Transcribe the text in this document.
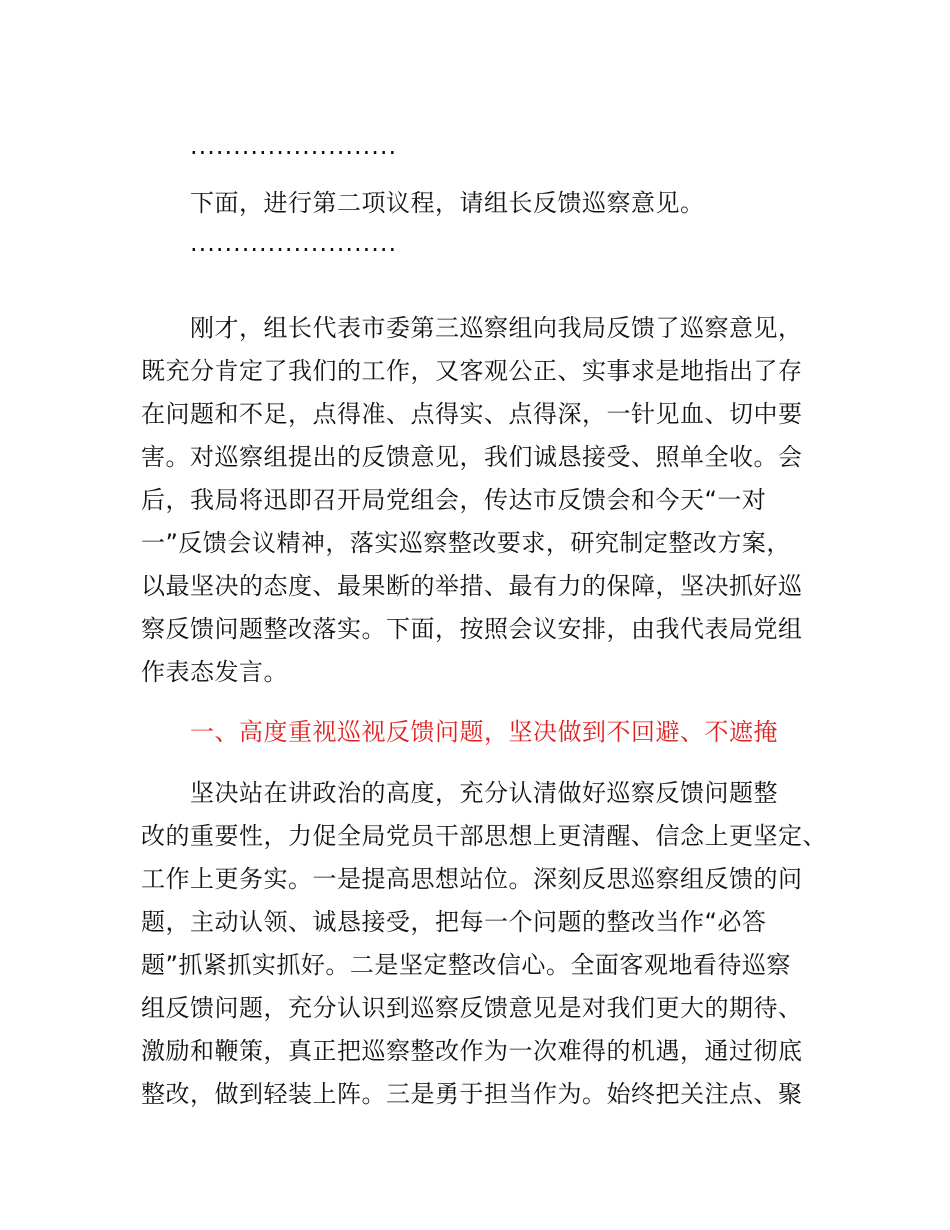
........................
下面，进行第二项议程，请组长反馈巡察意见。
........................
刚才，组长代表市委第三巡察组向我局反馈了巡察意见，
既充分肯定了我们的工作，又客观公正、实事求是地指出了存
在问题和不足，点得准、点得实、点得深，一针见血、切中要
害。对巡察组提出的反馈意见，我们诚恳接受、照单全收。会
后，我局将迅即召开局党组会，传达市反馈会和今天“一对
一”反馈会议精神，落实巡察整改要求，研究制定整改方案，
以最坚决的态度、最果断的举措、最有力的保障，坚决抓好巡
察反馈问题整改落实。下面，按照会议安排，由我代表局党组
作表态发言。
一、高度重视巡视反馈问题，坚决做到不回避、不遮掩
坚决站在讲政治的高度，充分认清做好巡察反馈问题整
改的重要性，力促全局党员干部思想上更清醒、信念上更坚定、
工作上更务实。一是提高思想站位。深刻反思巡察组反馈的问
题，主动认领、诚恳接受，把每一个问题的整改当作“必答
题”抓紧抓实抓好。二是坚定整改信心。全面客观地看待巡察
组反馈问题，充分认识到巡察反馈意见是对我们更大的期待、
激励和鞭策，真正把巡察整改作为一次难得的机遇，通过彻底
整改，做到轻装上阵。三是勇于担当作为。始终把关注点、聚
